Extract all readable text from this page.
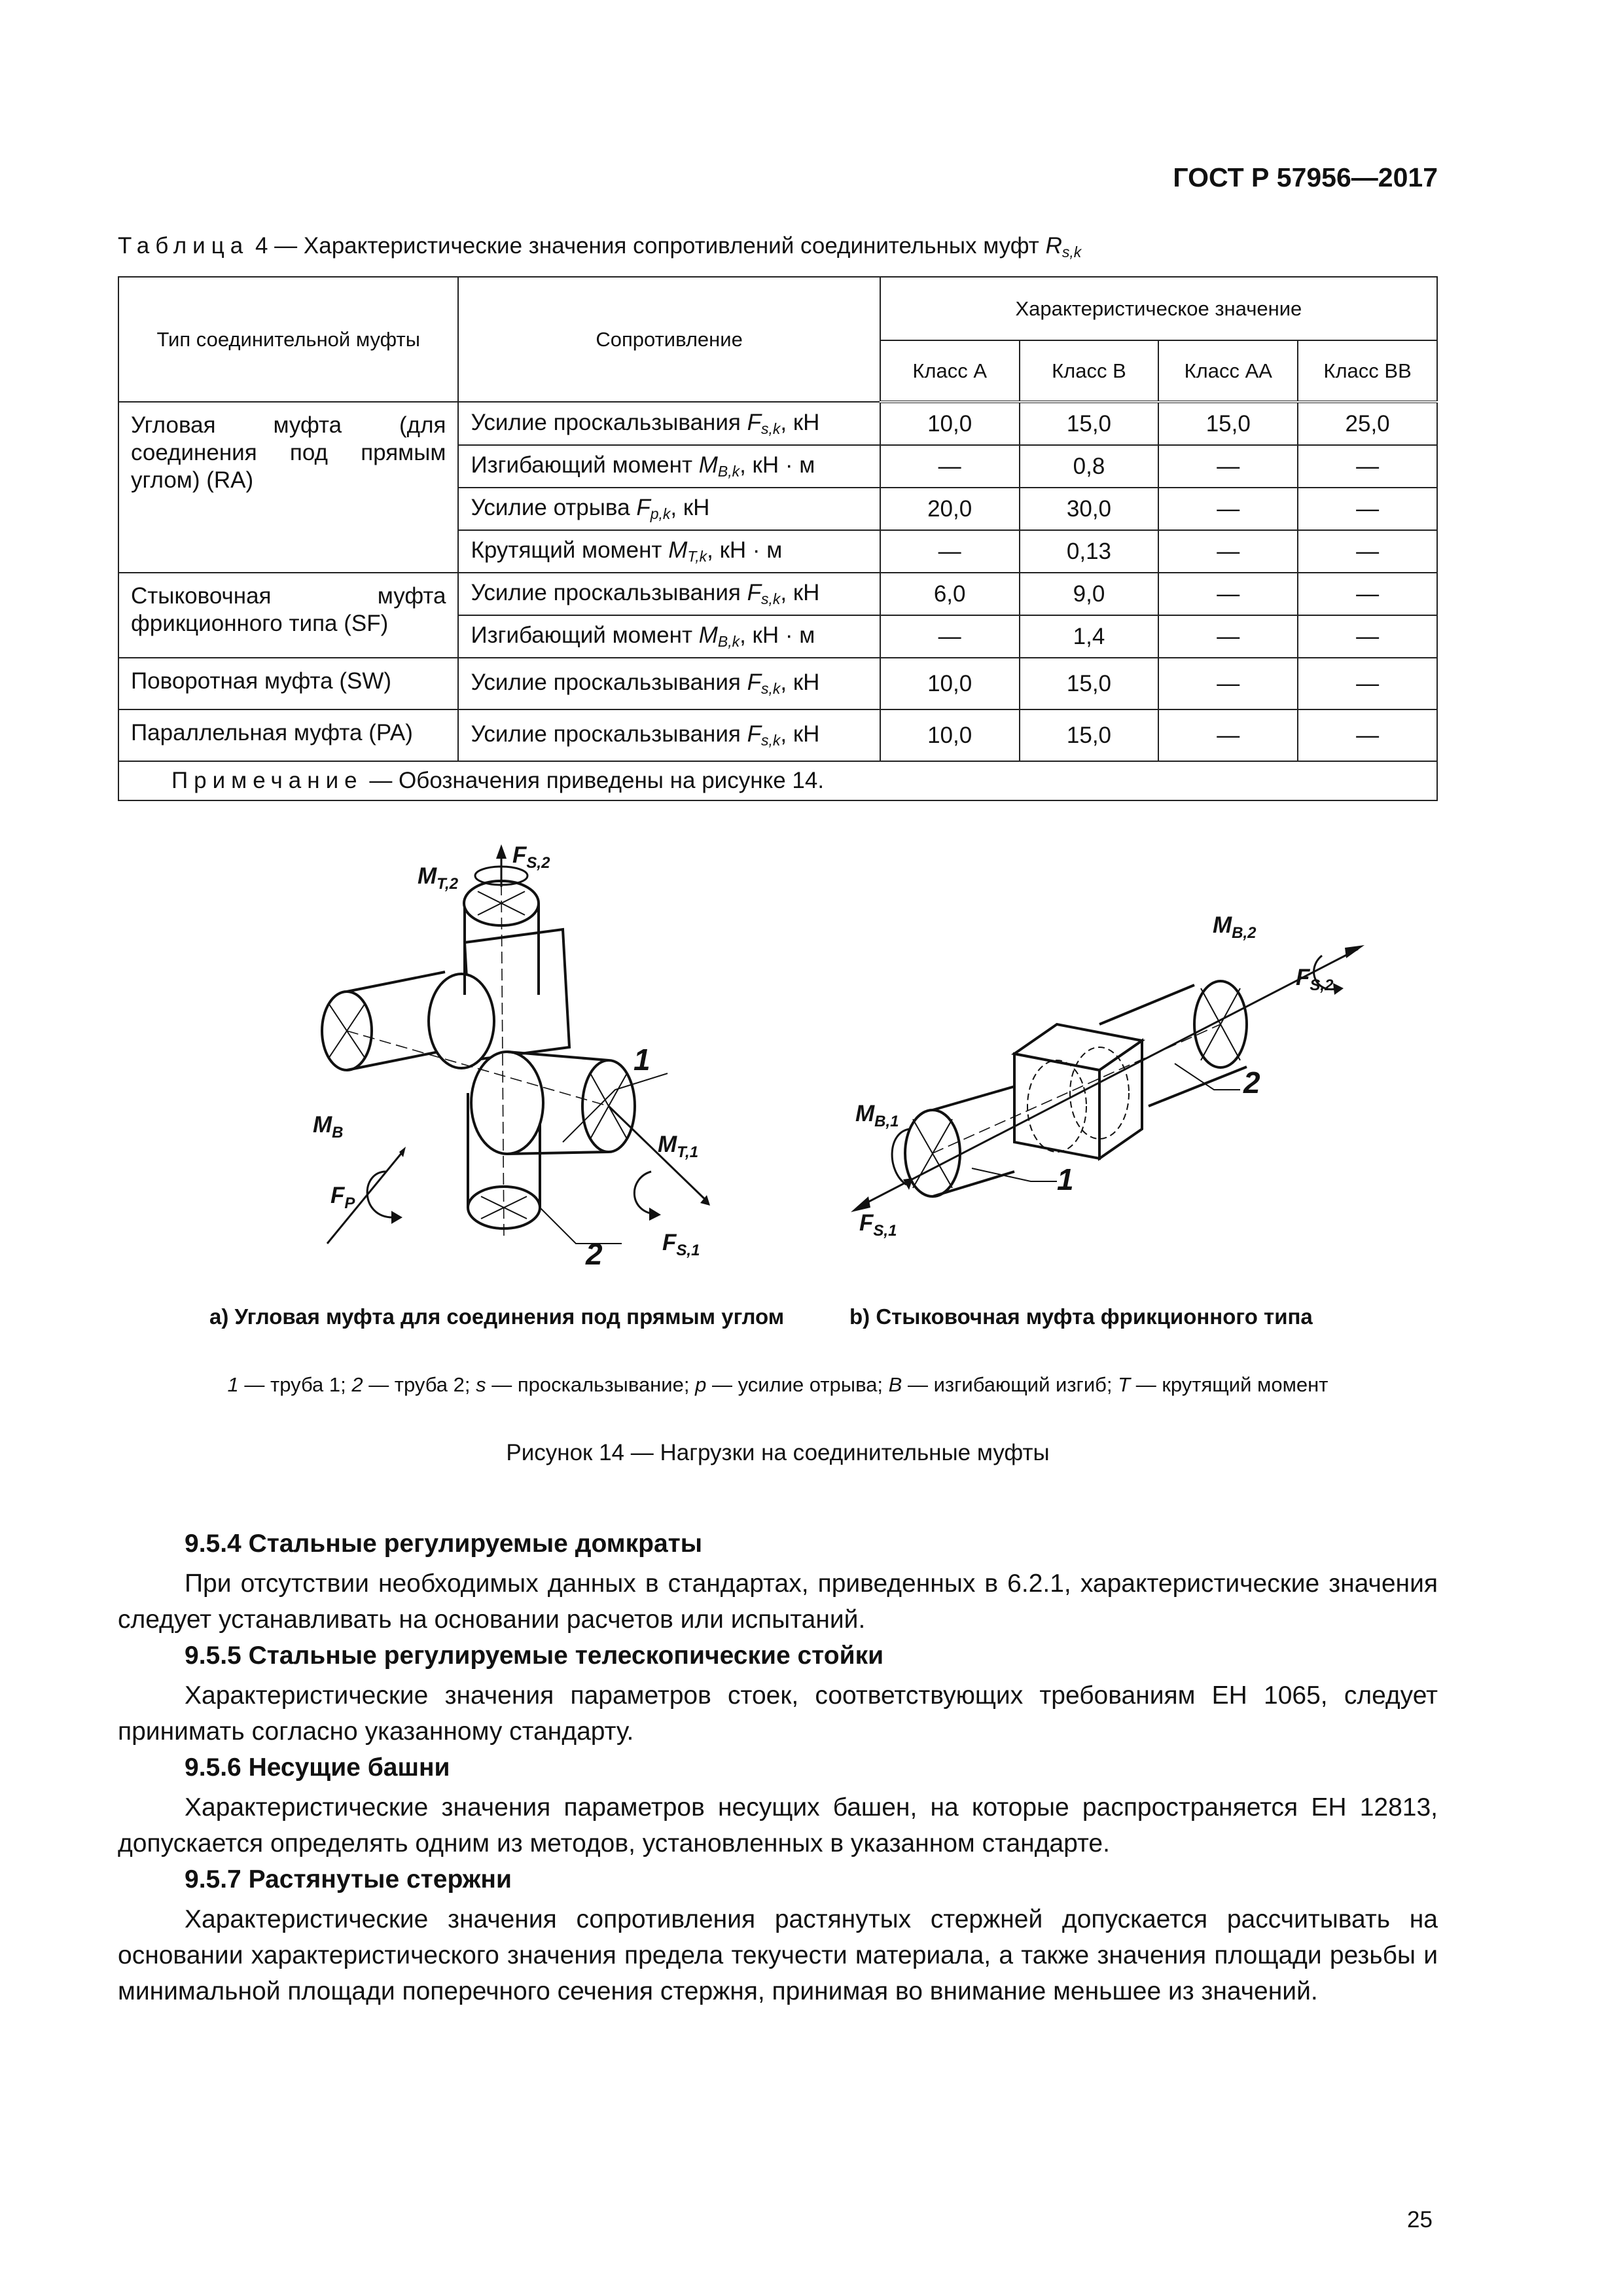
ГОСТ Р 57956—2017
Таблица 4 — Характеристические значения сопротивлений соединительных муфт $R_{s,k}$
Тип соединительной муфты	Сопротивление	Характеристическое значение			
		Класс А	Класс В	Класс АА	Класс ВВ
Угловая муфта (для соединения под прямым углом) (RA)	Усилие проскальзывания $F_{s,k}$, кН	10,0	15,0	15,0	25,0
	Изгибающий момент $M_{B,k}$, кН · м	—	0,8	—	—
	Усилие отрыва $F_{p,k}$, кН	20,0	30,0	—	—
	Крутящий момент $M_{T,k}$, кН · м	—	0,13	—	—
Стыковочная муфта фрикционного типа (SF)	Усилие проскальзывания $F_{s,k}$, кН	6,0	9,0	—	—
	Изгибающий момент $M_{B,k}$, кН · м	—	1,4	—	—
Поворотная муфта (SW)	Усилие проскальзывания $F_{s,k}$, кН	10,0	15,0	—	—
Параллельная муфта (РА)	Усилие проскальзывания $F_{s,k}$, кН	10,0	15,0	—	—
Примечание — Обозначения приведены на рисунке 14.					
$M_{T,2}$
$F_{S,2}$
$M_B$
$F_P$
$M_{T,1}$
$F_{S,1}$
1
2
$M_{B,2}$
$F_{S,2}$
$M_{B,1}$
$F_{S,1}$
1
2
а) Угловая муфта для соединения под прямым углом	b) Стыковочная муфта фрикционного типа
1 — труба 1; 2 — труба 2; s — проскальзывание; p — усилие отрыва; B — изгибающий изгиб; T — крутящий момент
Рисунок 14 — Нагрузки на соединительные муфты
9.5.4 Стальные регулируемые домкраты
При отсутствии необходимых данных в стандартах, приведенных в 6.2.1, характеристические значения следует устанавливать на основании расчетов или испытаний.
9.5.5 Стальные регулируемые телескопические стойки
Характеристические значения параметров стоек, соответствующих требованиям ЕН 1065, следует принимать согласно указанному стандарту.
9.5.6 Несущие башни
Характеристические значения параметров несущих башен, на которые распространяется ЕН 12813, допускается определять одним из методов, установленных в указанном стандарте.
9.5.7 Растянутые стержни
Характеристические значения сопротивления растянутых стержней допускается рассчитывать на основании характеристического значения предела текучести материала, а также значения площади резьбы и минимальной площади поперечного сечения стержня, принимая во внимание меньшее из значений.
25
